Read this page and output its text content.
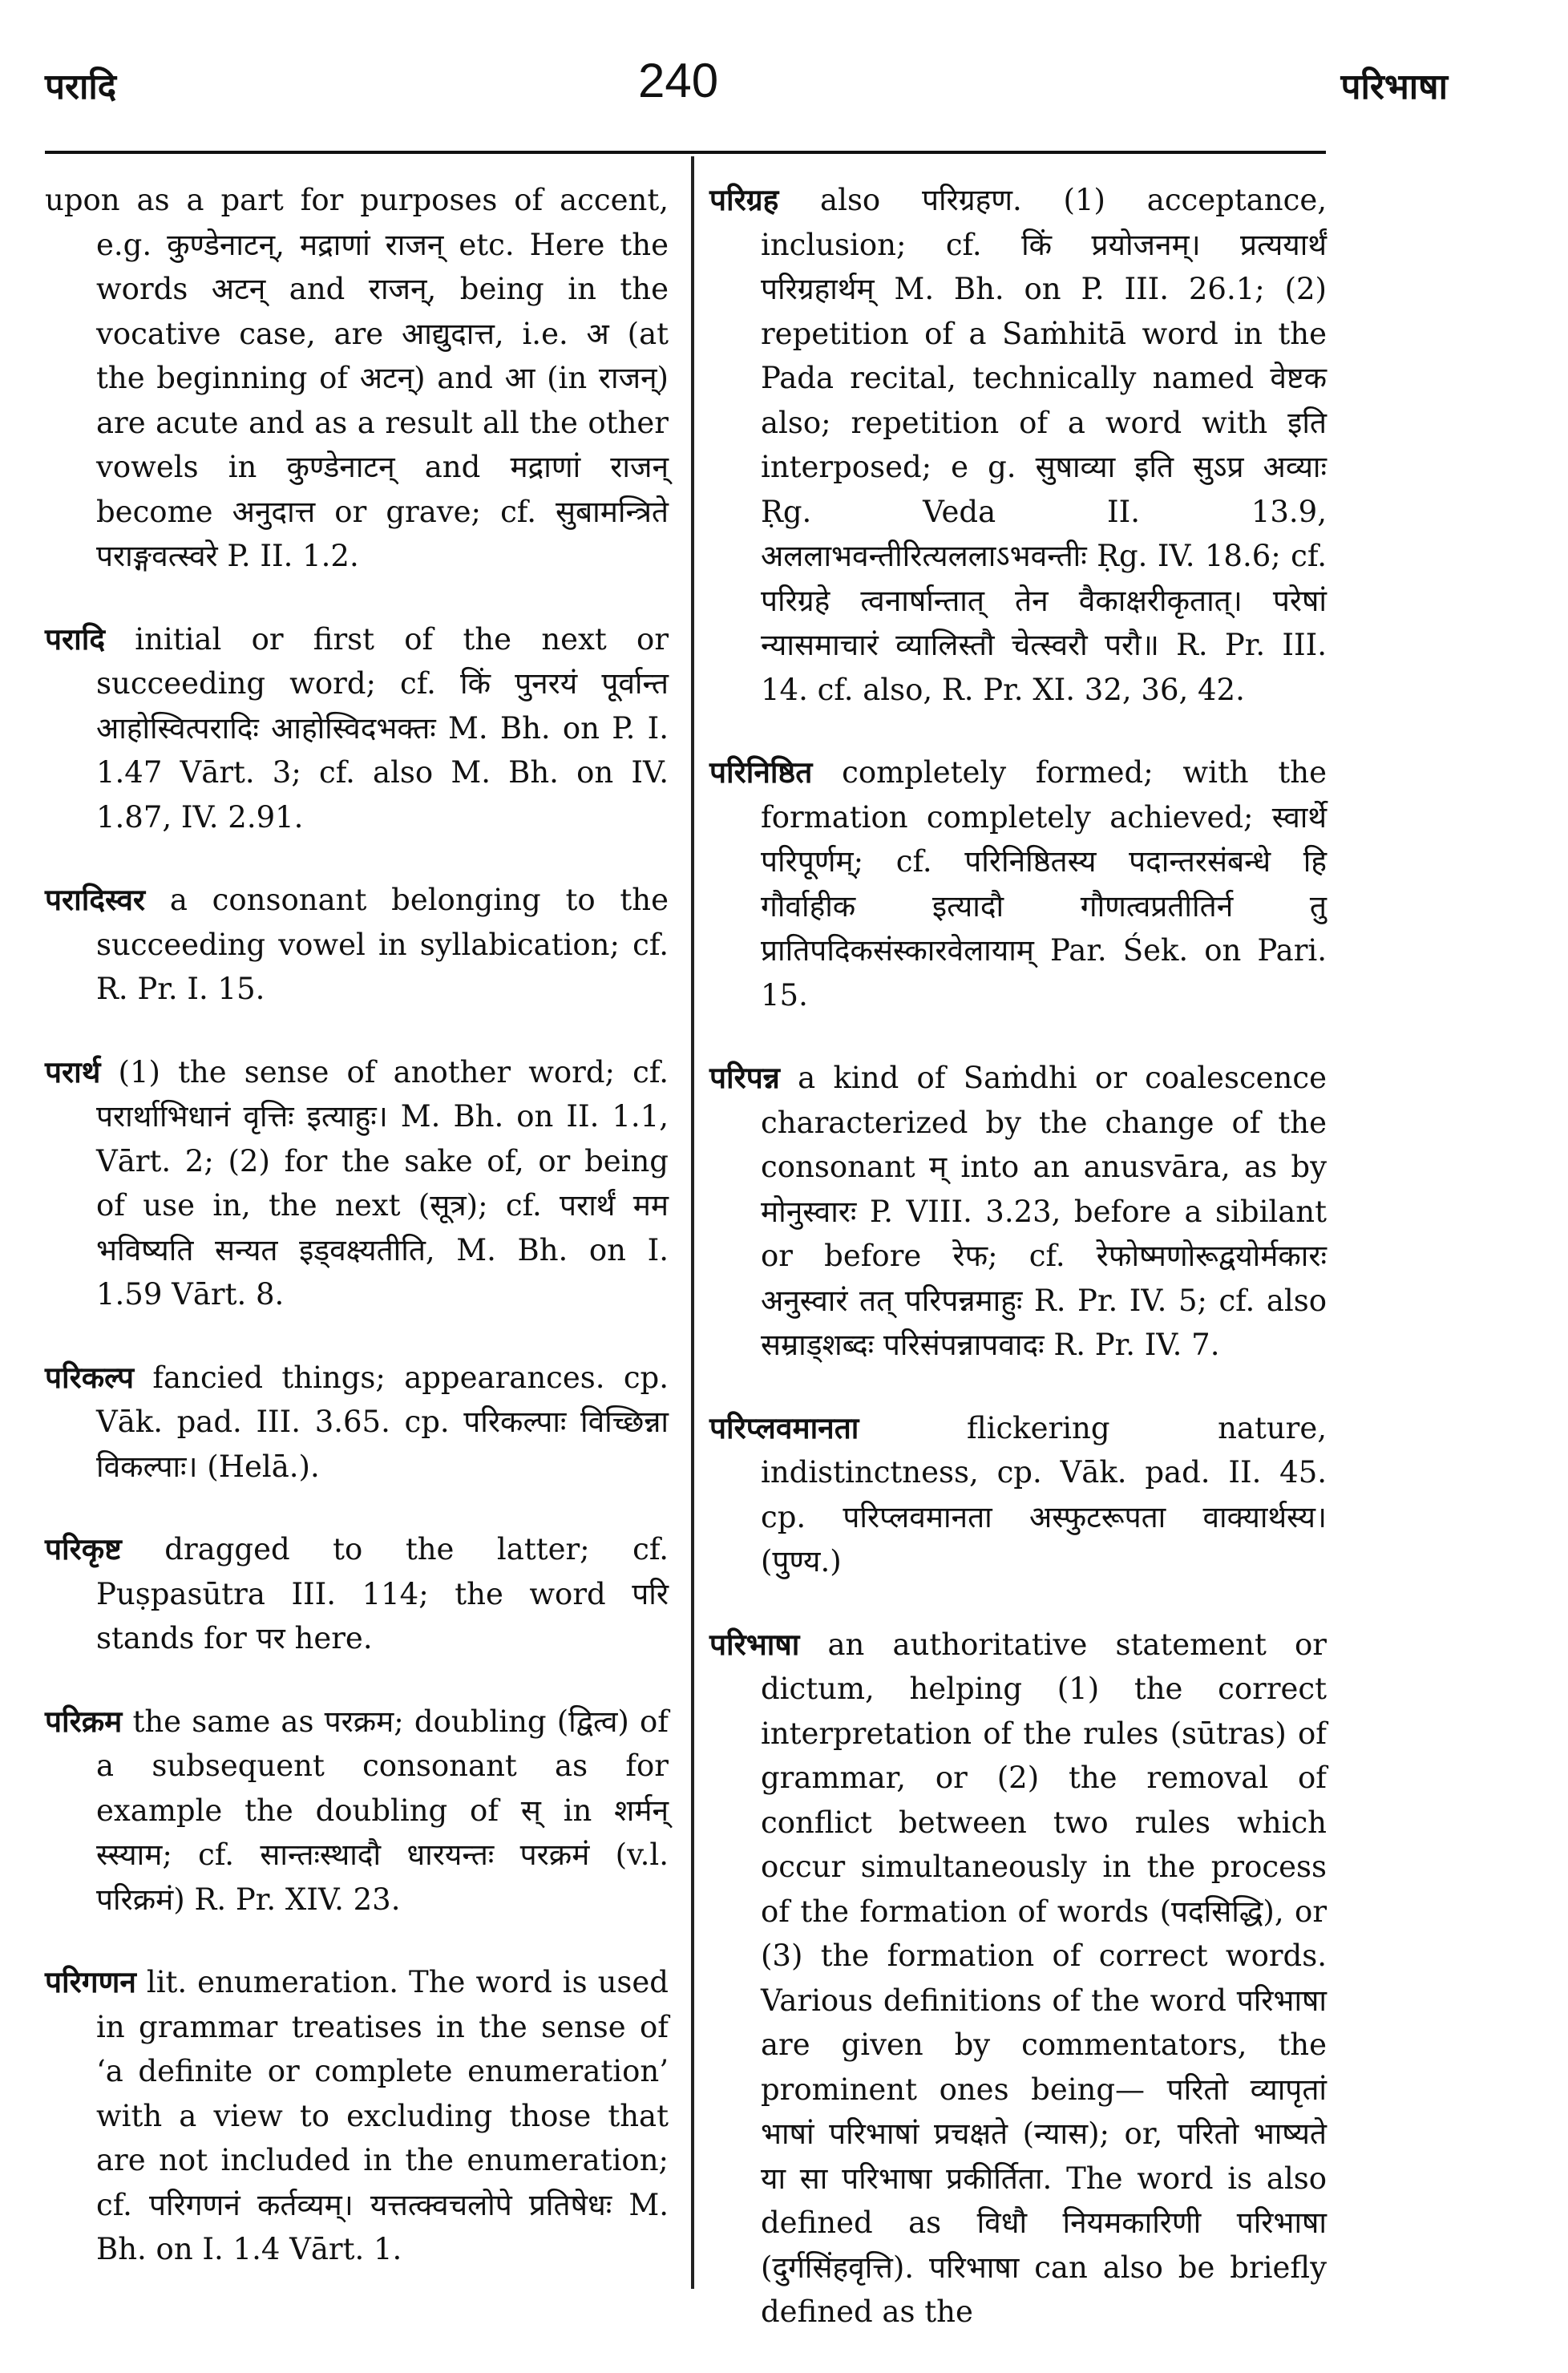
परादि	240	परिभाषा

upon as a part for purposes of accent, e.g. कुण्डेनाटन्, मद्राणां राजन् etc. Here the words अटन् and राजन्, being in the vocative case, are आद्युदात्त, i.e. अ (at the beginning of अटन्) and आ (in राजन्) are acute and as a result all the other vowels in कुण्डेनाटन् and मद्राणां राजन् become अनुदात्त or grave; cf. सुबामन्त्रिते पराङ्गवत्स्वरे P. II. 1.2.

परादि initial or first of the next or succeeding word; cf. किं पुनरयं पूर्वान्त आहोस्वित्परादिः आहोस्विदभक्तः M. Bh. on P. I. 1.47 Vārt. 3; cf. also M. Bh. on IV. 1.87, IV. 2.91.

परादिस्वर a consonant belonging to the succeeding vowel in syllabication; cf. R. Pr. I. 15.

परार्थ (1) the sense of another word; cf. परार्थाभिधानं वृत्तिः इत्याहुः। M. Bh. on II. 1.1, Vārt. 2; (2) for the sake of, or being of use in, the next (सूत्र); cf. परार्थं मम भविष्यति सन्यत इड्वक्ष्यतीति, M. Bh. on I. 1.59 Vārt. 8.

परिकल्प fancied things; appearances. cp. Vāk. pad. III. 3.65. cp. परिकल्पाः विच्छिन्ना विकल्पाः। (Helā.).

परिकृष्ट dragged to the latter; cf. Puṣpasūtra III. 114; the word परि stands for पर here.

परिक्रम the same as परक्रम; doubling (द्वित्व) of a subsequent consonant as for example the doubling of स् in शर्मन् स्स्याम; cf. सान्तःस्थादौ धारयन्तः परक्रमं (v.l. परिक्रमं) R. Pr. XIV. 23.

परिगणन lit. enumeration. The word is used in grammar treatises in the sense of ‘a definite or complete enumeration’ with a view to excluding those that are not included in the enumeration; cf. परिगणनं कर्तव्यम्। यत्तत्क्वचलोपे प्रतिषेधः M. Bh. on I. 1.4 Vārt. 1.

परिग्रह also परिग्रहण. (1) acceptance, inclusion; cf. किं प्रयोजनम्। प्रत्ययार्थं परिग्रहार्थम् M. Bh. on P. III. 26.1; (2) repetition of a Saṁhitā word in the Pada recital, technically named वेष्टक also; repetition of a word with इति interposed; e g. सुषाव्या इति सुऽप्र अव्याः Ṛg. Veda II. 13.9, अललाभवन्तीरित्यललाऽभवन्तीः Ṛg. IV. 18.6; cf. परिग्रहे त्वनार्षान्तात् तेन वैकाक्षरीकृतात्। परेषां न्यासमाचारं व्यालिस्तौ चेत्स्वरौ परौ॥ R. Pr. III. 14. cf. also, R. Pr. XI. 32, 36, 42.

परिनिष्ठित completely formed; with the formation completely achieved; स्वार्थे परिपूर्णम्; cf. परिनिष्ठितस्य पदान्तरसंबन्धे हि गौर्वाहीक इत्यादौ गौणत्वप्रतीतिर्न तु प्रातिपदिकसंस्कारवेलायाम् Par. Śek. on Pari. 15.

परिपन्न a kind of Saṁdhi or coalescence characterized by the change of the consonant म् into an anusvāra, as by मोनुस्वारः P. VIII. 3.23, before a sibilant or before रेफ; cf. रेफोष्मणोरूद्वयोर्मकारः अनुस्वारं तत् परिपन्नमाहुः R. Pr. IV. 5; cf. also सम्राड्शब्दः परिसंपन्नापवादः R. Pr. IV. 7.

परिप्लवमानता	flickering nature, indistinctness, cp. Vāk. pad. II. 45. cp. परिप्लवमानता अस्फुटरूपता वाक्यार्थस्य। (पुण्य.)

परिभाषा an authoritative statement or dictum, helping (1) the correct interpretation of the rules (sūtras) of grammar, or (2) the removal of conflict between two rules which occur simultaneously in the process of the formation of words (पदसिद्धि), or (3) the formation of correct words. Various definitions of the word परिभाषा are given by commentators, the prominent ones being— परितो व्यापृतां भाषां परिभाषां प्रचक्षते (न्यास); or, परितो भाष्यते या सा परिभाषा प्रकीर्तिता. The word is also defined as विधौ नियमकारिणी परिभाषा (दुर्गसिंहवृत्ति). परिभाषा can also be briefly defined as the
